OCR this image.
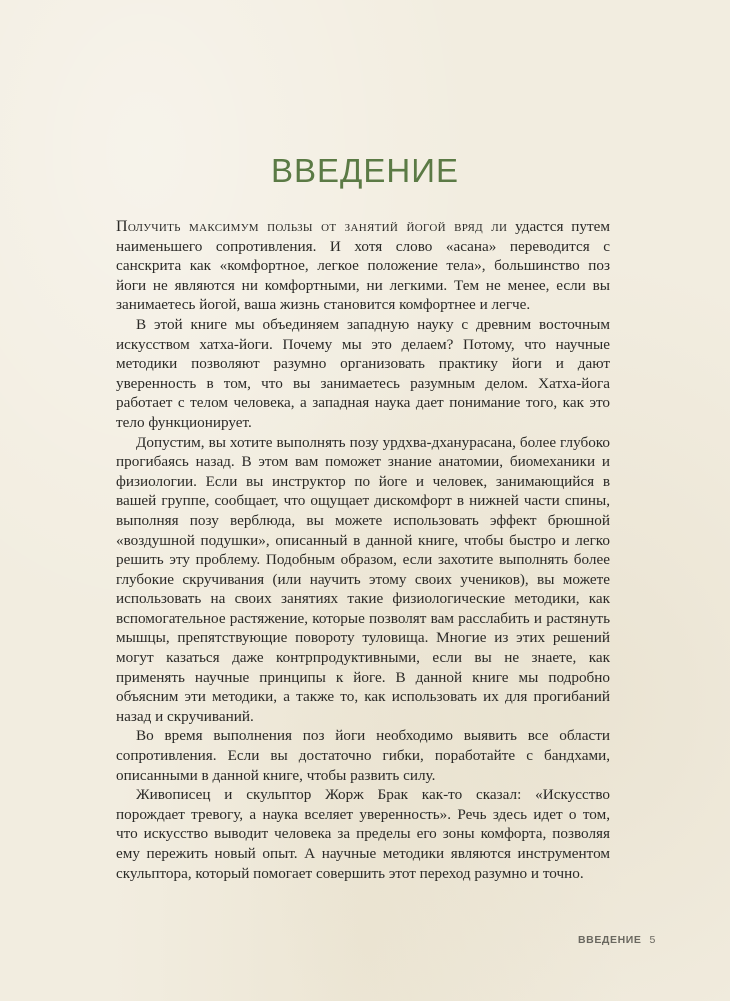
ВВЕДЕНИЕ

Получить максимум пользы от занятий йогой вряд ли удастся путем наименьшего сопротивления. И хотя слово «асана» переводится с санскрита как «комфортное, легкое положение тела», большинство поз йоги не являются ни комфортными, ни легкими. Тем не менее, если вы занимаетесь йогой, ваша жизнь становится комфортнее и легче.

В этой книге мы объединяем западную науку с древним восточным искусством хатха-йоги. Почему мы это делаем? Потому, что научные методики позволяют разумно организовать практику йоги и дают уверенность в том, что вы занимаетесь разумным делом. Хатха-йога работает с телом человека, а западная наука дает понимание того, как это тело функционирует.

Допустим, вы хотите выполнять позу урдхва-дханурасана, более глубоко прогибаясь назад. В этом вам поможет знание анатомии, биомеханики и физиологии. Если вы инструктор по йоге и человек, занимающийся в вашей группе, сообщает, что ощущает дискомфорт в нижней части спины, выполняя позу верблюда, вы можете использовать эффект брюшной «воздушной подушки», описанный в данной книге, чтобы быстро и легко решить эту проблему. Подобным образом, если захотите выполнять более глубокие скручивания (или научить этому своих учеников), вы можете использовать на своих занятиях такие физиологические методики, как вспомогательное растяжение, которые позволят вам расслабить и растянуть мышцы, препятствующие повороту туловища. Многие из этих решений могут казаться даже контрпродуктивными, если вы не знаете, как применять научные принципы к йоге. В данной книге мы подробно объясним эти методики, а также то, как использовать их для прогибаний назад и скручиваний.

Во время выполнения поз йоги необходимо выявить все области сопротивления. Если вы достаточно гибки, поработайте с бандхами, описанными в данной книге, чтобы развить силу.

Живописец и скульптор Жорж Брак как-то сказал: «Искусство порождает тревогу, а наука вселяет уверенность». Речь здесь идет о том, что искусство выводит человека за пределы его зоны комфорта, позволяя ему пережить новый опыт. А научные методики являются инструментом скульптора, который помогает совершить этот переход разумно и точно.

ВВЕДЕНИЕ 5
